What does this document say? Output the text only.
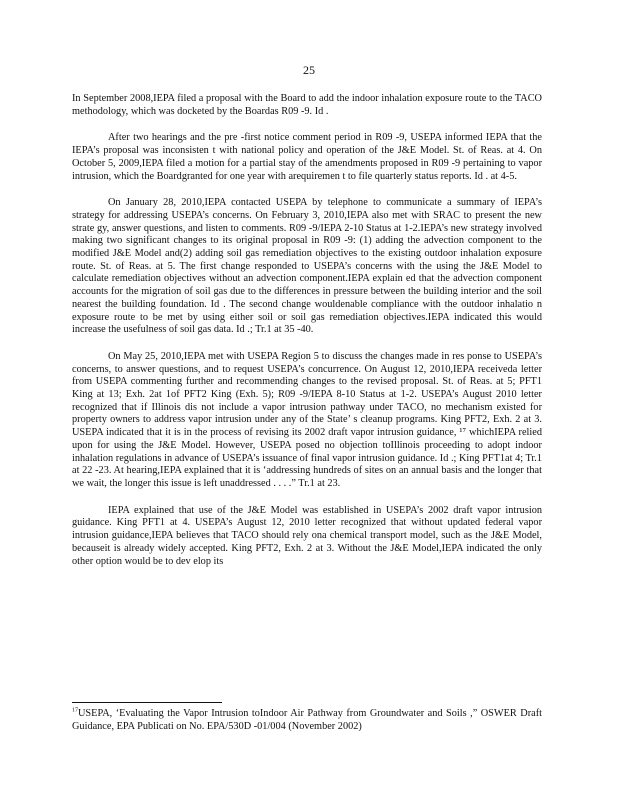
25

In September 2008,IEPA filed a proposal with the Board to add the indoor inhalation exposure route to the TACO methodology, which was docketed by the Boardas R09 -9. Id .

After two hearings and the pre -first notice comment period in R09 -9, USEPA informed IEPA that the IEPA’s proposal was inconsisten t with national policy and operation of the J&E Model. St. of Reas. at 4. On October 5, 2009,IEPA filed a motion for a partial stay of the amendments proposed in R09 -9 pertaining to vapor intrusion, which the Boardgranted for one year with arequiremen t to file quarterly status reports. Id . at 4-5.

On January 28, 2010,IEPA contacted USEPA by telephone to communicate a summary of IEPA’s strategy for addressing USEPA’s concerns. On February 3, 2010,IEPA also met with SRAC to present the new strate gy, answer questions, and listen to comments. R09 -9/IEPA 2-10 Status at 1-2.IEPA’s new strategy involved making two significant changes to its original proposal in R09 -9: (1) adding the advection component to the modified J&E Model and(2) adding soil gas remediation objectives to the existing outdoor inhalation exposure route. St. of Reas. at 5. The first change responded to USEPA’s concerns with the using the J&E Model to calculate remediation objectives without an advection component.IEPA explain ed that the advection component accounts for the migration of soil gas due to the differences in pressure between the building interior and the soil nearest the building foundation. Id . The second change wouldenable compliance with the outdoor inhalatio n exposure route to be met by using either soil or soil gas remediation objectives.IEPA indicated this would increase the usefulness of soil gas data. Id .; Tr.1 at 35 -40.

On May 25, 2010,IEPA met with USEPA Region 5 to discuss the changes made in res ponse to USEPA’s concerns, to answer questions, and to request USEPA’s concurrence. On August 12, 2010,IEPA receiveda letter from USEPA commenting further and recommending changes to the revised proposal. St. of Reas. at 5; PFT1 King at 13; Exh. 2at 1of PFT2 King (Exh. 5); R09 -9/IEPA 8-10 Status at 1-2. USEPA’s August 2010 letter recognized that if Illinois dis not include a vapor intrusion pathway under TACO, no mechanism existed for property owners to address vapor intrusion under any of the State’ s cleanup programs. King PFT2, Exh. 2 at 3. USEPA indicated that it is in the process of revising its 2002 draft vapor intrusion guidance, ¹⁷ whichIEPA relied upon for using the J&E Model. However, USEPA posed no objection toIllinois proceeding to adopt indoor inhalation regulations in advance of USEPA’s issuance of final vapor intrusion guidance. Id .; King PFT1at 4; Tr.1 at 22 -23. At hearing,IEPA explained that it is ‘addressing hundreds of sites on an annual basis and the longer that we wait, the longer this issue is left unaddressed . . . .” Tr.1 at 23.

IEPA explained that use of the J&E Model was established in USEPA’s 2002 draft vapor intrusion guidance. King PFT1 at 4. USEPA’s August 12, 2010 letter recognized that without updated federal vapor intrusion guidance,IEPA believes that TACO should rely ona chemical transport model, such as the J&E Model, becauseit is already widely accepted. King PFT2, Exh. 2 at 3. Without the J&E Model,IEPA indicated the only other option would be to dev elop its

$^{17}$USEPA, ‘Evaluating the Vapor Intrusion toIndoor Air Pathway from Groundwater and Soils ,” OSWER Draft Guidance, EPA Publicati on No. EPA/530D -01/004 (November 2002)
